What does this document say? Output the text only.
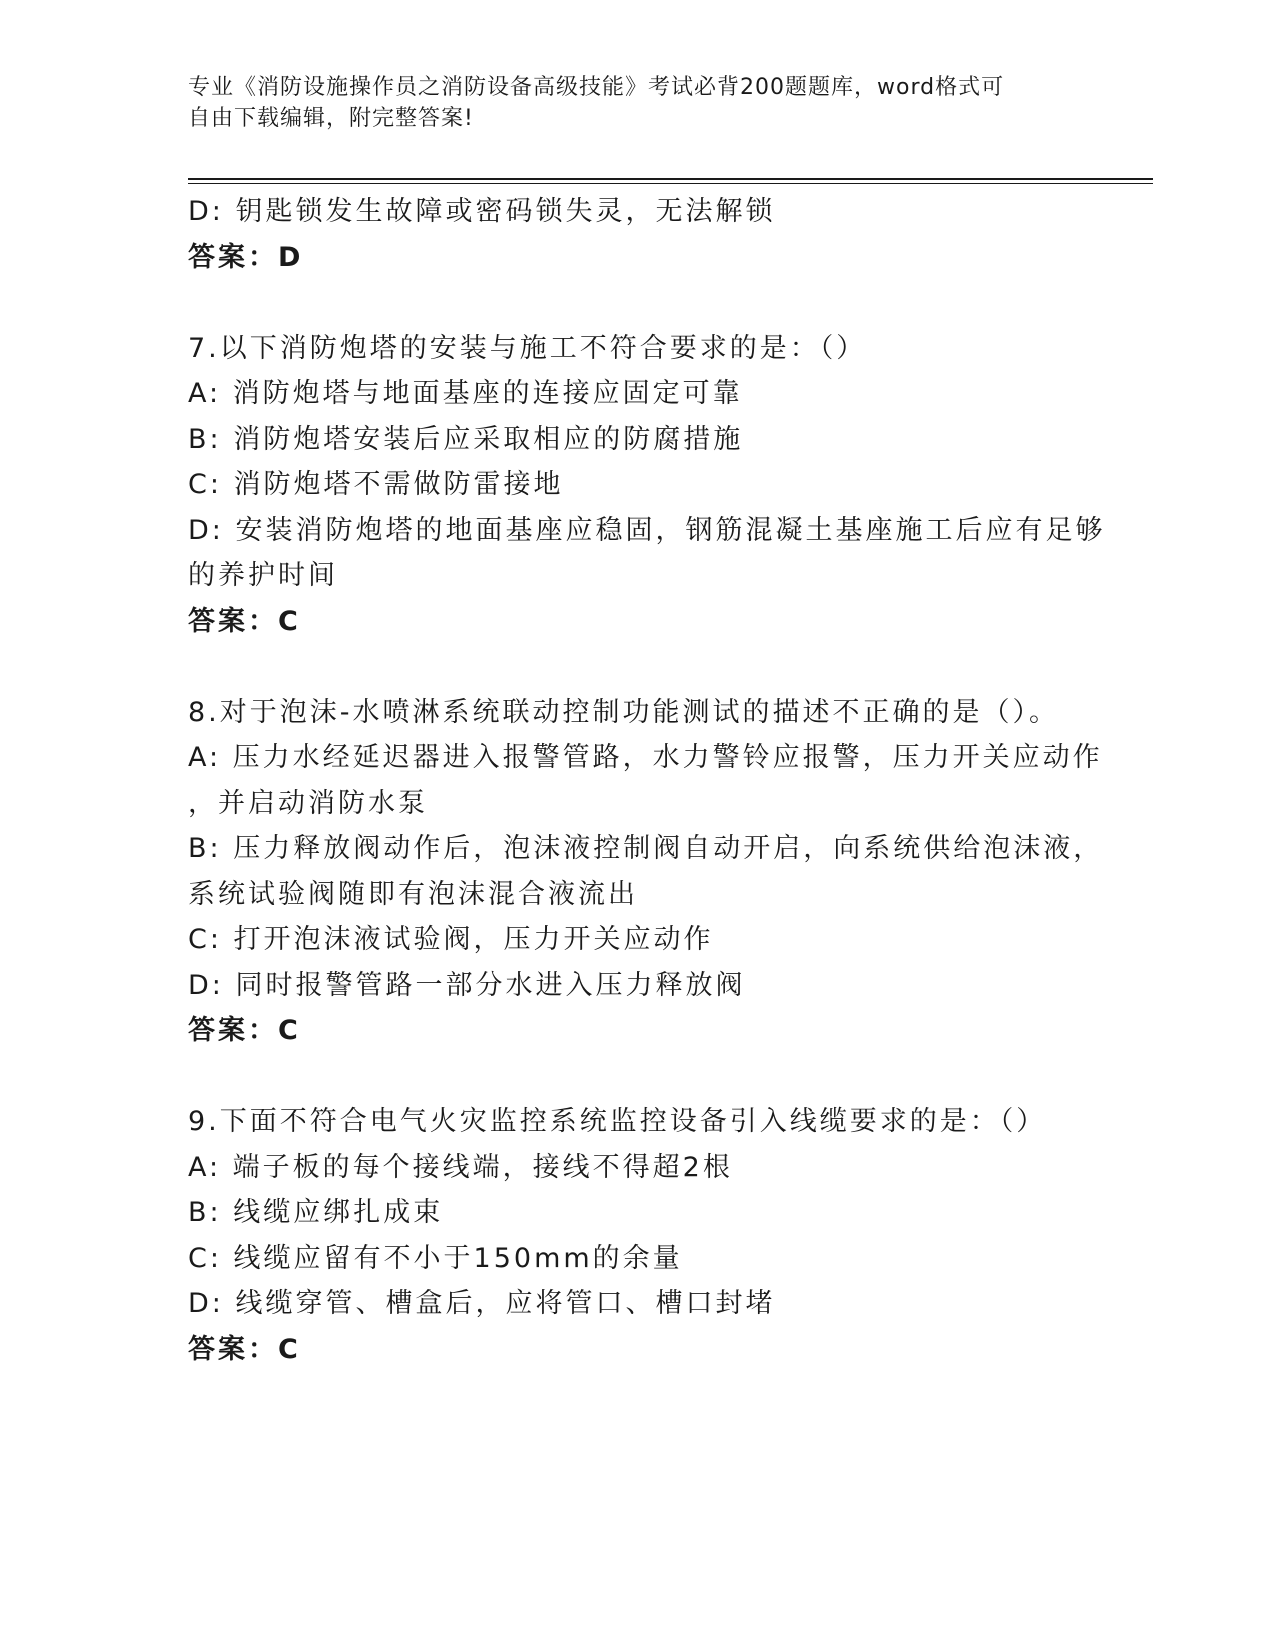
专业《消防设施操作员之消防设备高级技能》考试必背200题题库，word格式可
自由下载编辑，附完整答案!
D: 钥匙锁发生故障或密码锁失灵，无法解锁
答案：D
7.以下消防炮塔的安装与施工不符合要求的是：（）
A: 消防炮塔与地面基座的连接应固定可靠
B: 消防炮塔安装后应采取相应的防腐措施
C: 消防炮塔不需做防雷接地
D: 安装消防炮塔的地面基座应稳固，钢筋混凝土基座施工后应有足够
的养护时间
答案：C
8.对于泡沫-水喷淋系统联动控制功能测试的描述不正确的是（）。
A: 压力水经延迟器进入报警管路，水力警铃应报警，压力开关应动作
，并启动消防水泵
B: 压力释放阀动作后，泡沫液控制阀自动开启，向系统供给泡沫液，
系统试验阀随即有泡沫混合液流出
C: 打开泡沫液试验阀，压力开关应动作
D: 同时报警管路一部分水进入压力释放阀
答案：C
9.下面不符合电气火灾监控系统监控设备引入线缆要求的是：（）
A: 端子板的每个接线端，接线不得超2根
B: 线缆应绑扎成束
C: 线缆应留有不小于150mm的余量
D: 线缆穿管、槽盒后，应将管口、槽口封堵
答案：C
